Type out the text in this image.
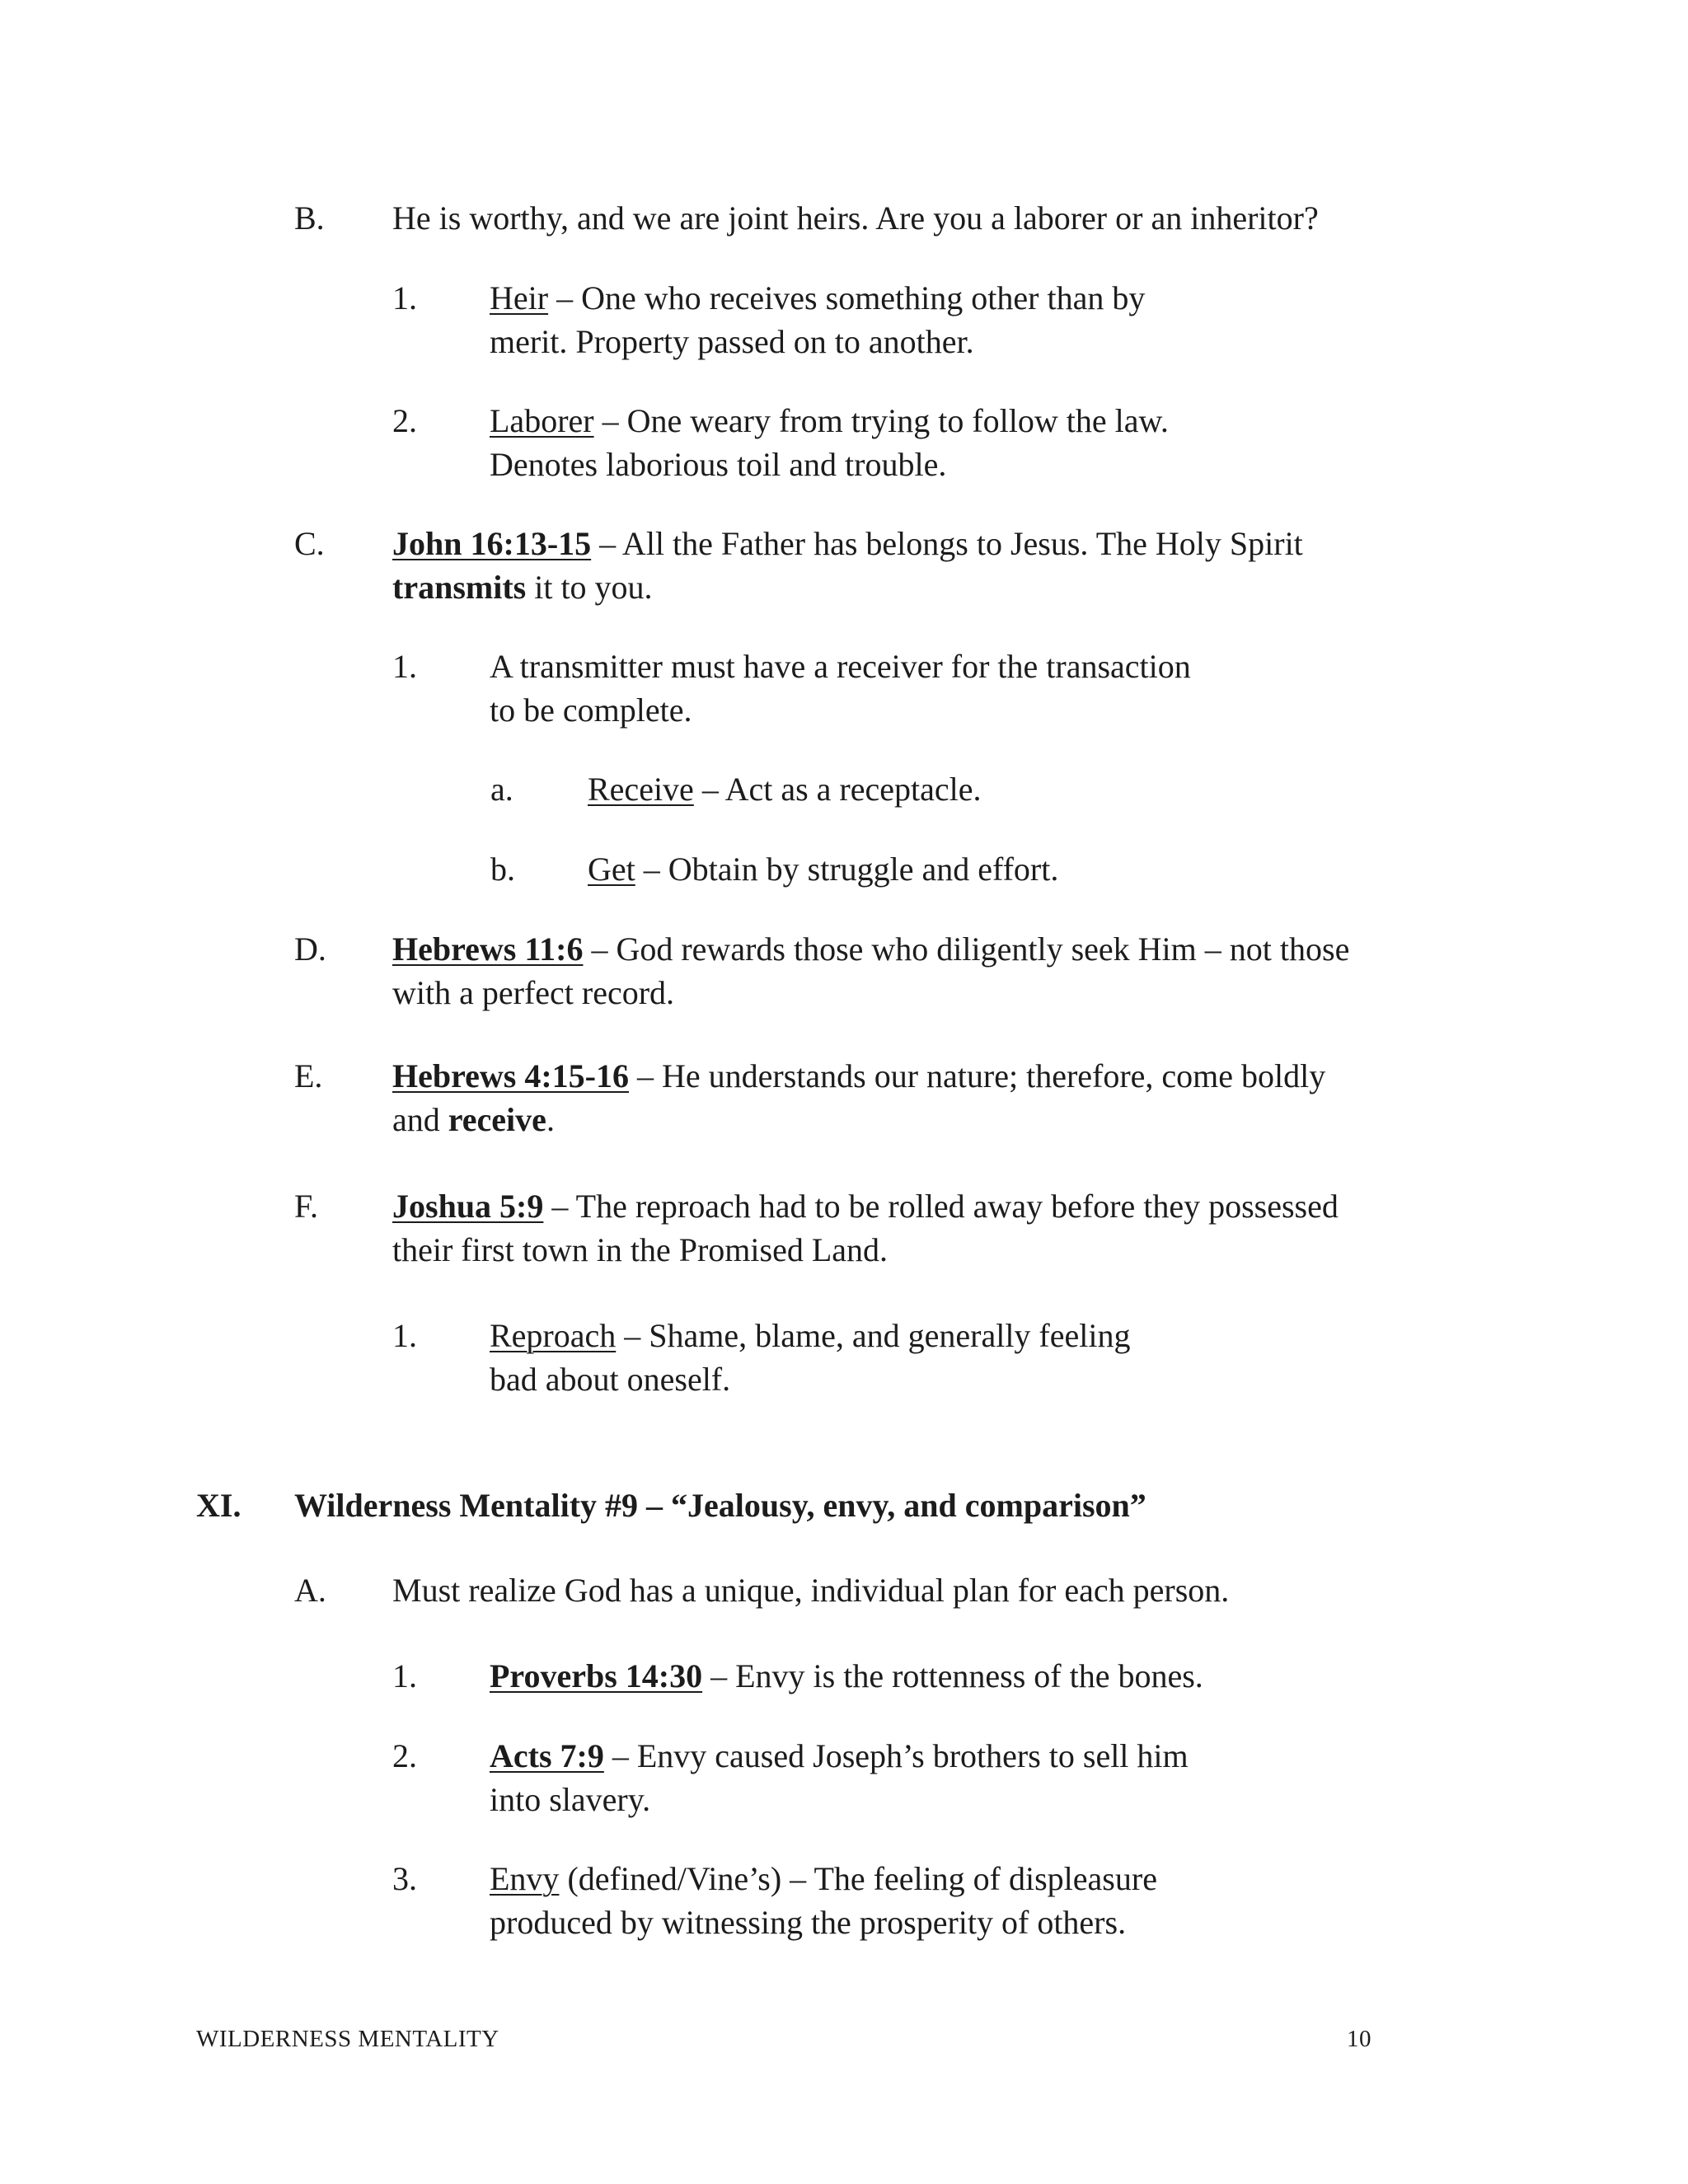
B. He is worthy, and we are joint heirs. Are you a laborer or an inheritor?
1. Heir – One who receives something other than by
merit. Property passed on to another.
2. Laborer – One weary from trying to follow the law.
Denotes laborious toil and trouble.
C. John 16:13-15 – All the Father has belongs to Jesus. The Holy Spirit
transmits it to you.
1. A transmitter must have a receiver for the transaction
to be complete.
a. Receive – Act as a receptacle.
b. Get – Obtain by struggle and effort.
D. Hebrews 11:6 – God rewards those who diligently seek Him – not those
with a perfect record.
E. Hebrews 4:15-16 – He understands our nature; therefore, come boldly
and receive.
F. Joshua 5:9 – The reproach had to be rolled away before they possessed
their first town in the Promised Land.
1. Reproach – Shame, blame, and generally feeling
bad about oneself.
XI. Wilderness Mentality #9 – “Jealousy, envy, and comparison”
A. Must realize God has a unique, individual plan for each person.
1. Proverbs 14:30 – Envy is the rottenness of the bones.
2. Acts 7:9 – Envy caused Joseph’s brothers to sell him
into slavery.
3. Envy (defined/Vine’s) – The feeling of displeasure
produced by witnessing the prosperity of others.
WILDERNESS MENTALITY	10
